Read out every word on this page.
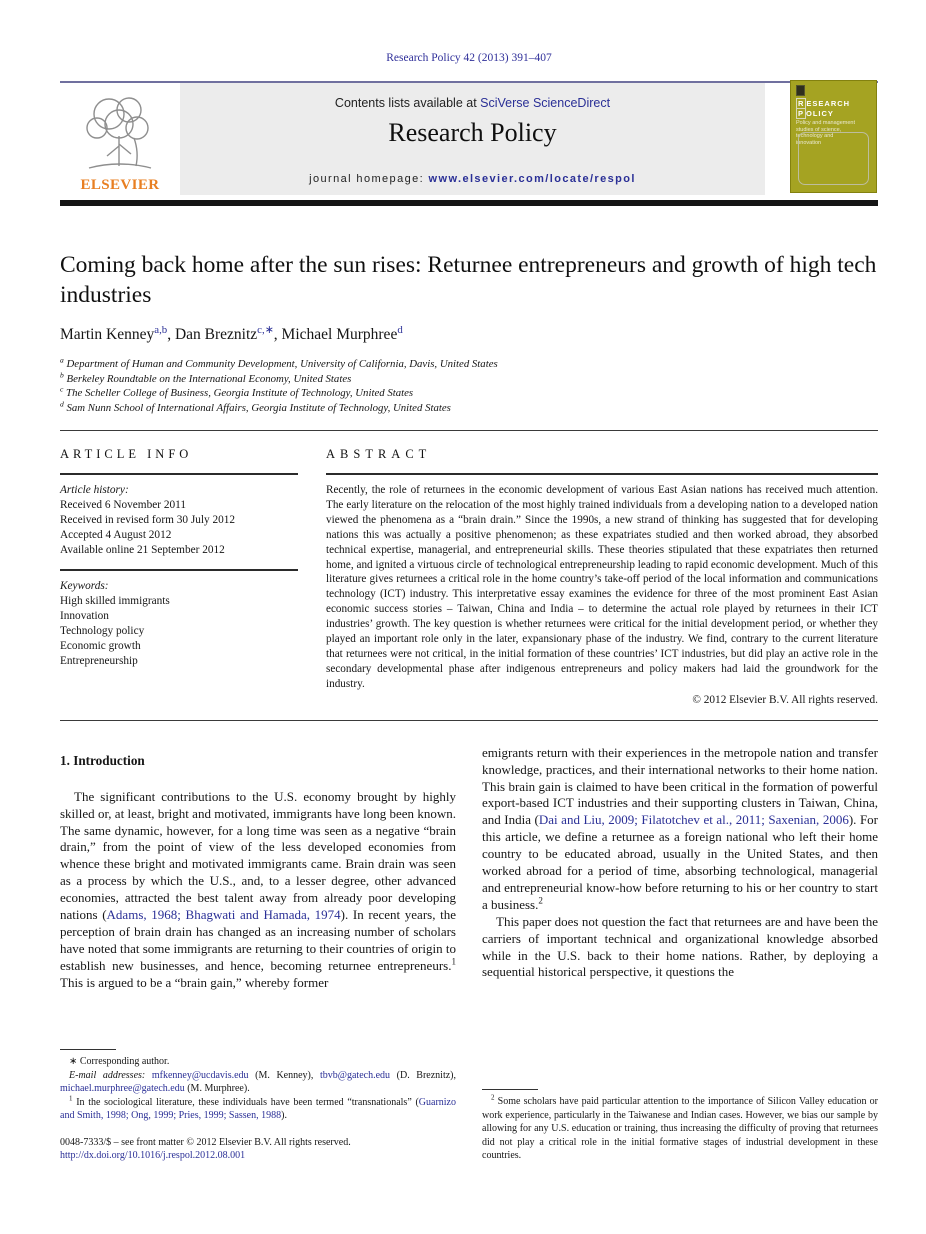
Research Policy 42 (2013) 391–407
ELSEVIER
Contents lists available at SciVerse ScienceDirect
Research Policy
journal homepage: www.elsevier.com/locate/respol
RESEARCH
POLICY
Policy and management studies of science, technology and innovation
Coming back home after the sun rises: Returnee entrepreneurs and growth of high tech industries
Martin Kenney$^{a,b}$, Dan Breznitz$^{c,∗}$, Michael Murphree$^d$
$^a$ Department of Human and Community Development, University of California, Davis, United States
$^b$ Berkeley Roundtable on the International Economy, United States
$^c$ The Scheller College of Business, Georgia Institute of Technology, United States
$^d$ Sam Nunn School of International Affairs, Georgia Institute of Technology, United States
ARTICLE INFO
Article history:
Received 6 November 2011
Received in revised form 30 July 2012
Accepted 4 August 2012
Available online 21 September 2012
Keywords:
High skilled immigrants
Innovation
Technology policy
Economic growth
Entrepreneurship
ABSTRACT

Recently, the role of returnees in the economic development of various East Asian nations has received much attention. The early literature on the relocation of the most highly trained individuals from a developing nation to a developed nation viewed the phenomena as a “brain drain.” Since the 1990s, a new strand of thinking has suggested that for developing nations this was actually a positive phenomenon; as these expatriates studied and then worked abroad, they absorbed technical expertise, managerial, and entrepreneurial skills. These theories stipulated that these expatriates then returned home, and ignited a virtuous circle of technological entrepreneurship leading to rapid economic development. Much of this literature gives returnees a critical role in the home country’s take-off period of the local information and communications technology (ICT) industry. This interpretative essay examines the evidence for three of the most prominent East Asian economic success stories – Taiwan, China and India – to determine the actual role played by returnees in their ICT industries’ growth. The key question is whether returnees were critical for the initial development period, or whether they played an important role only in the later, expansionary phase of the industry. We find, contrary to the current literature that returnees were not critical, in the initial formation of these countries’ ICT industries, but did play an active role in the secondary developmental phase after indigenous entrepreneurs and policy makers had laid the groundwork for the industry.

© 2012 Elsevier B.V. All rights reserved.
1. Introduction

The significant contributions to the U.S. economy brought by highly skilled or, at least, bright and motivated, immigrants have long been known. The same dynamic, however, for a long time was seen as a negative “brain drain,” from the point of view of the less developed economies from whence these bright and motivated immigrants came. Brain drain was seen as a process by which the U.S., and, to a lesser degree, other advanced economies, attracted the best talent away from already poor developing nations (Adams, 1968; Bhagwati and Hamada, 1974). In recent years, the perception of brain drain has changed as an increasing number of scholars have noted that some immigrants are returning to their countries of origin to establish new businesses, and hence, becoming returnee entrepreneurs.$^1$ This is argued to be a “brain gain,” whereby former

∗ Corresponding author.
E-mail addresses: mfkenney@ucdavis.edu (M. Kenney), tbvb@gatech.edu (D. Breznitz), michael.murphree@gatech.edu (M. Murphree).
$^1$ In the sociological literature, these individuals have been termed “transnationals” (Guarnizo and Smith, 1998; Ong, 1999; Pries, 1999; Sassen, 1988).
0048-7333/$ – see front matter © 2012 Elsevier B.V. All rights reserved.
http://dx.doi.org/10.1016/j.respol.2012.08.001

emigrants return with their experiences in the metropole nation and transfer knowledge, practices, and their international networks to their home nation. This brain gain is claimed to have been critical in the formation of powerful export-based ICT industries and their supporting clusters in Taiwan, China, and India (Dai and Liu, 2009; Filatotchev et al., 2011; Saxenian, 2006). For this article, we define a returnee as a foreign national who left their home country to be educated abroad, usually in the United States, and then worked abroad for a period of time, absorbing technological, managerial and entrepreneurial know-how before returning to his or her country to start a business.$^2$

This paper does not question the fact that returnees are and have been the carriers of important technical and organizational knowledge absorbed while in the U.S. back to their home nations. Rather, by deploying a sequential historical perspective, it questions the

$^2$ Some scholars have paid particular attention to the importance of Silicon Valley education or work experience, particularly in the Taiwanese and Indian cases. However, we bias our sample by allowing for any U.S. education or training, thus increasing the difficulty of proving that returnees did not play a critical role in the initial formative stages of industrial development in these countries.
